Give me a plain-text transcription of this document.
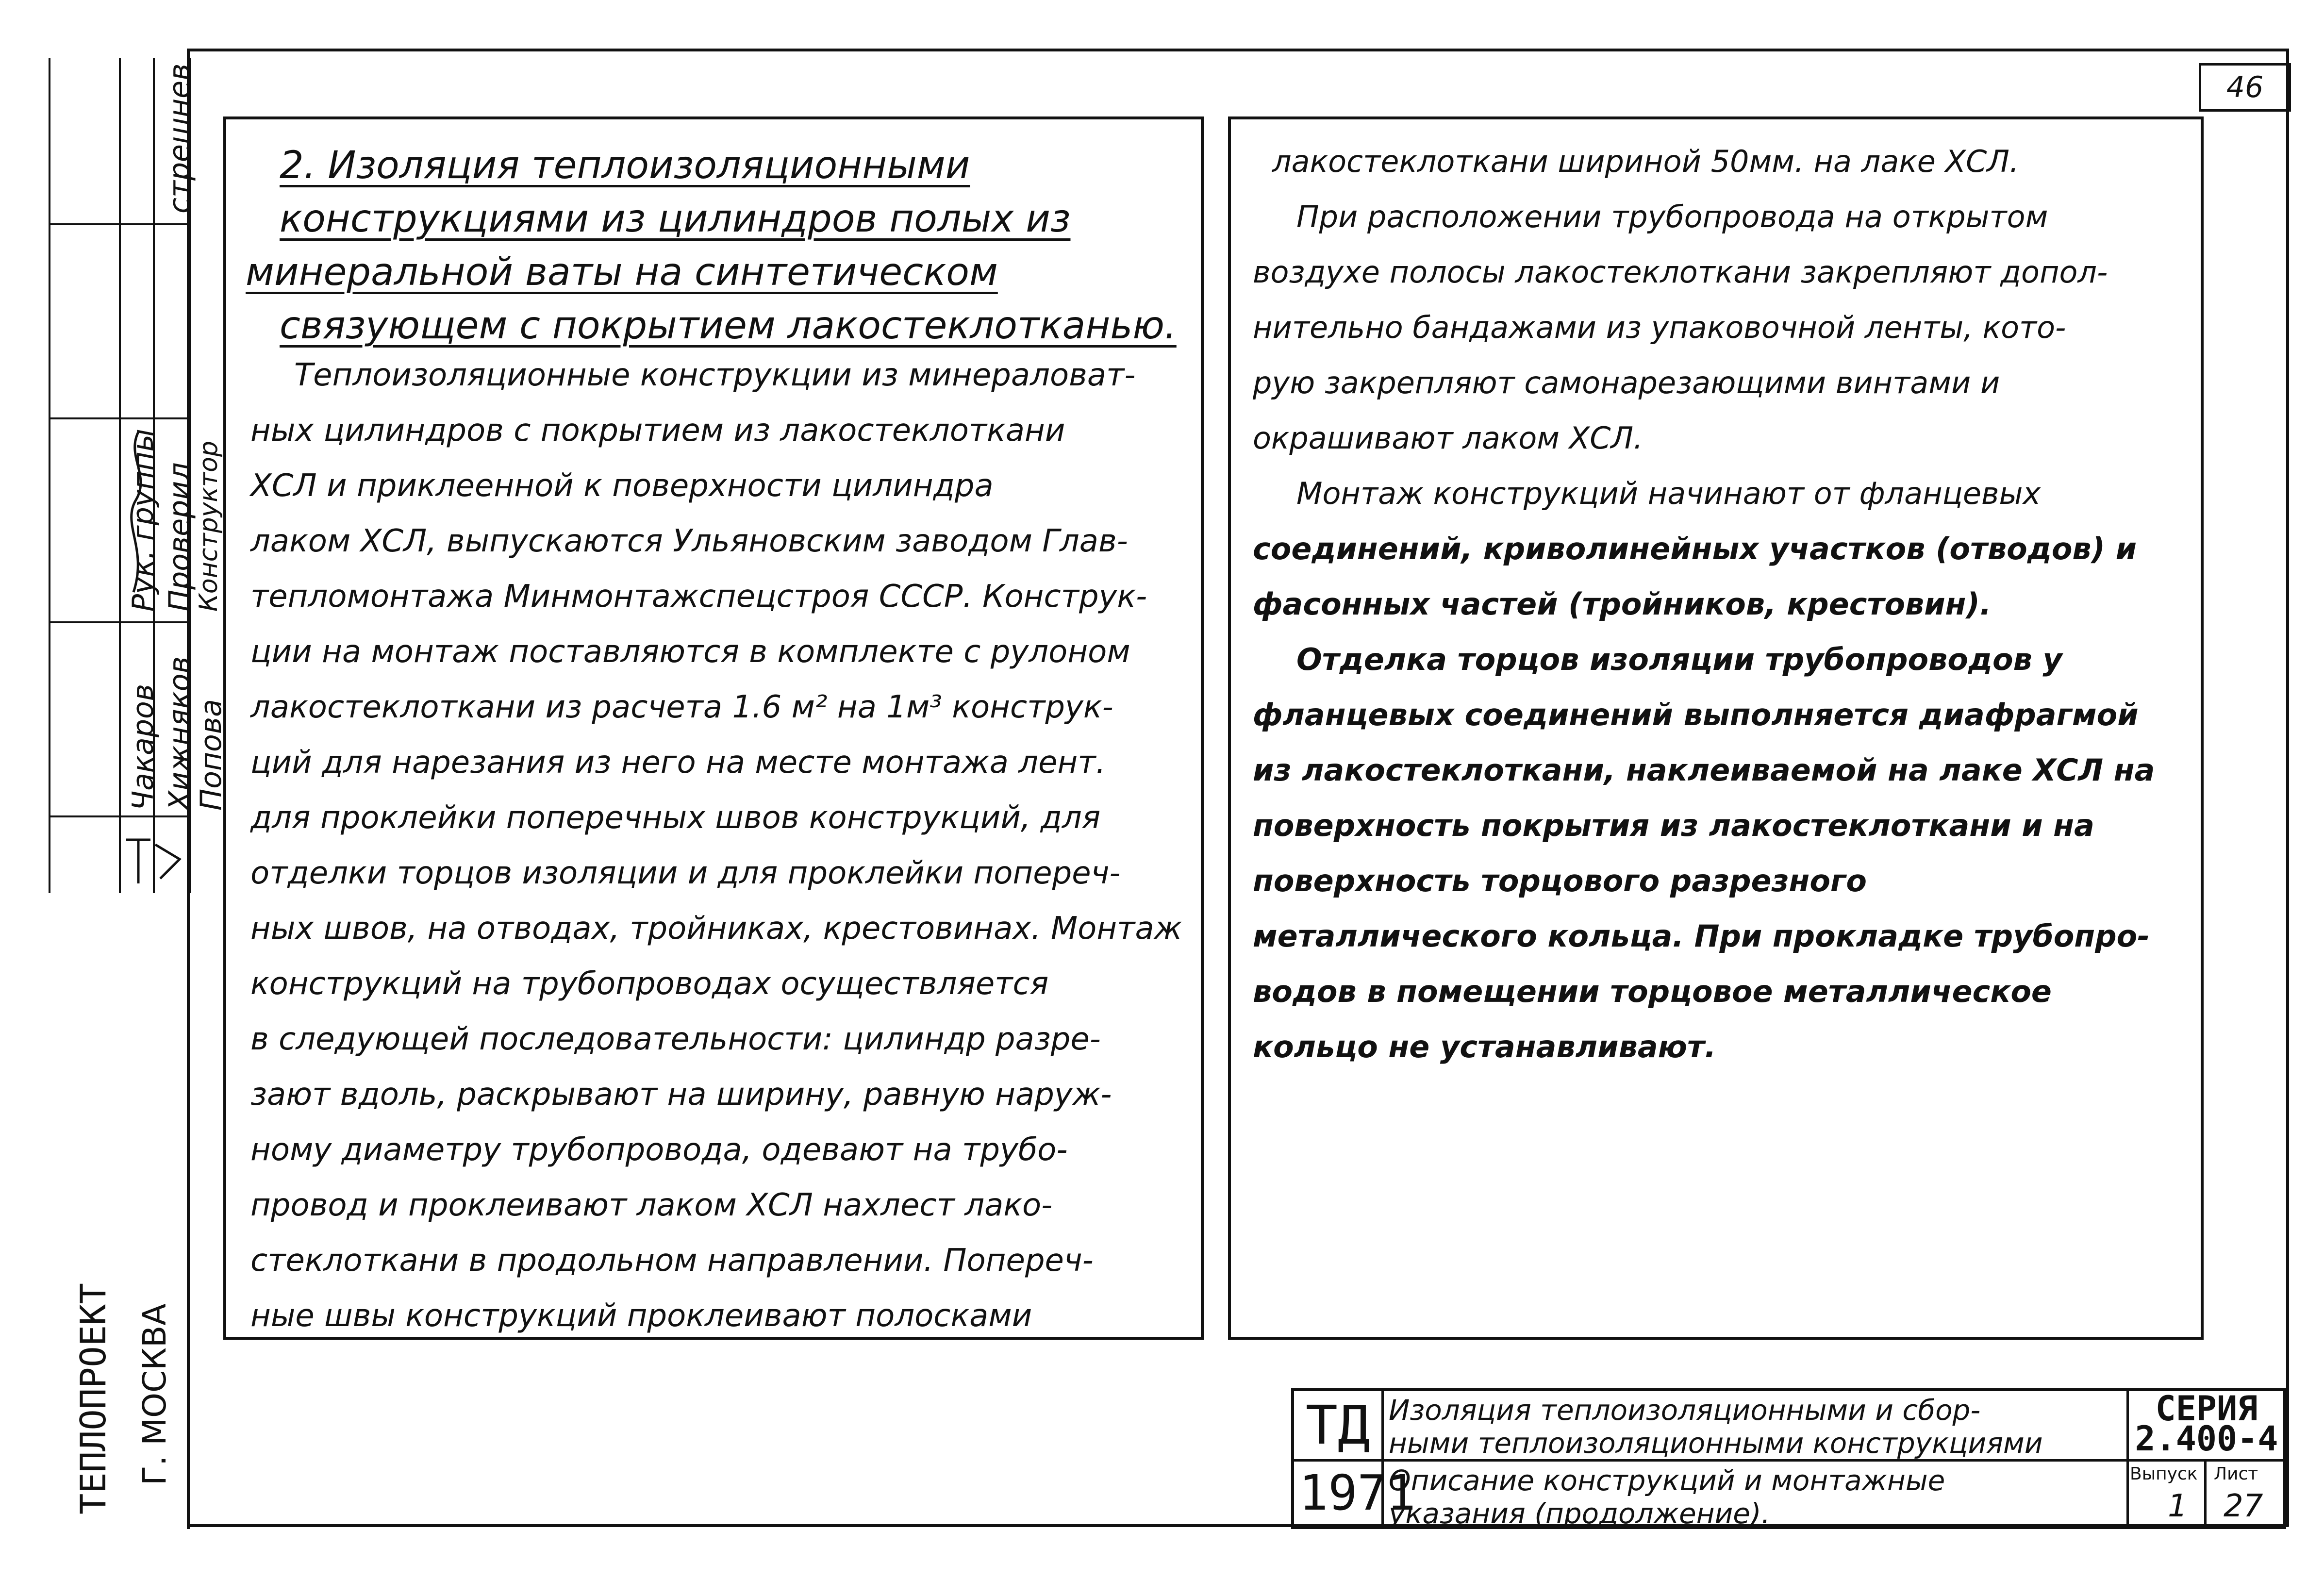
46
стрешнев
Рук. группы
Чакаров
Проверил
Хижняков
Конструктор
Попова
ТЕПЛОПРОЕКТ Г. МОСКВА
2. Изоляция теплоизоляционными
конструкциями из цилиндров полых из
минеральной ваты на синтетическом
связующем с покрытием лакостеклотканью.
Теплоизоляционные конструкции из минераловат-
ных цилиндров с покрытием из лакостеклоткани
ХСЛ и приклеенной к поверхности цилиндра
лаком ХСЛ, выпускаются Ульяновским заводом Глав-
тепломонтажа Минмонтажспецстроя СССР. Конструк-
ции на монтаж поставляются в комплекте с рулоном
лакостеклоткани из расчета 1.6 м² на 1м³ конструк-
ций для нарезания из него на месте монтажа лент.
для проклейки поперечных швов конструкций, для
отделки торцов изоляции и для проклейки попереч-
ных швов, на отводах, тройниках, крестовинах. Монтаж
конструкций на трубопроводах осуществляется
в следующей последовательности: цилиндр разре-
зают вдоль, раскрывают на ширину, равную наруж-
ному диаметру трубопровода, одевают на трубо-
провод и проклеивают лаком ХСЛ нахлест лако-
стеклоткани в продольном направлении. Попереч-
ные швы конструкций проклеивают полосками
лакостеклоткани шириной 50мм. на лаке ХСЛ.
При расположении трубопровода на открытом
воздухе полосы лакостеклоткани закрепляют допол-
нительно бандажами из упаковочной ленты, кото-
рую закрепляют самонарезающими винтами и
окрашивают лаком ХСЛ.
Монтаж конструкций начинают от фланцевых
соединений, криволинейных участков (отводов) и
фасонных частей (тройников, крестовин).
Отделка торцов изоляции трубопроводов у
фланцевых соединений выполняется диафрагмой
из лакостеклоткани, наклеиваемой на лаке ХСЛ на
поверхность покрытия из лакостеклоткани и на
поверхность торцового разрезного
металлического кольца. При прокладке трубопро-
водов в помещении торцовое металлическое
кольцо не устанавливают.
ТД
1971
Изоляция теплоизоляционными и сбор-
ными теплоизоляционными конструкциями
Описание конструкций и монтажные
указания (продолжение).
СЕРИЯ
2.400-4
Выпуск
1
Лист
27
